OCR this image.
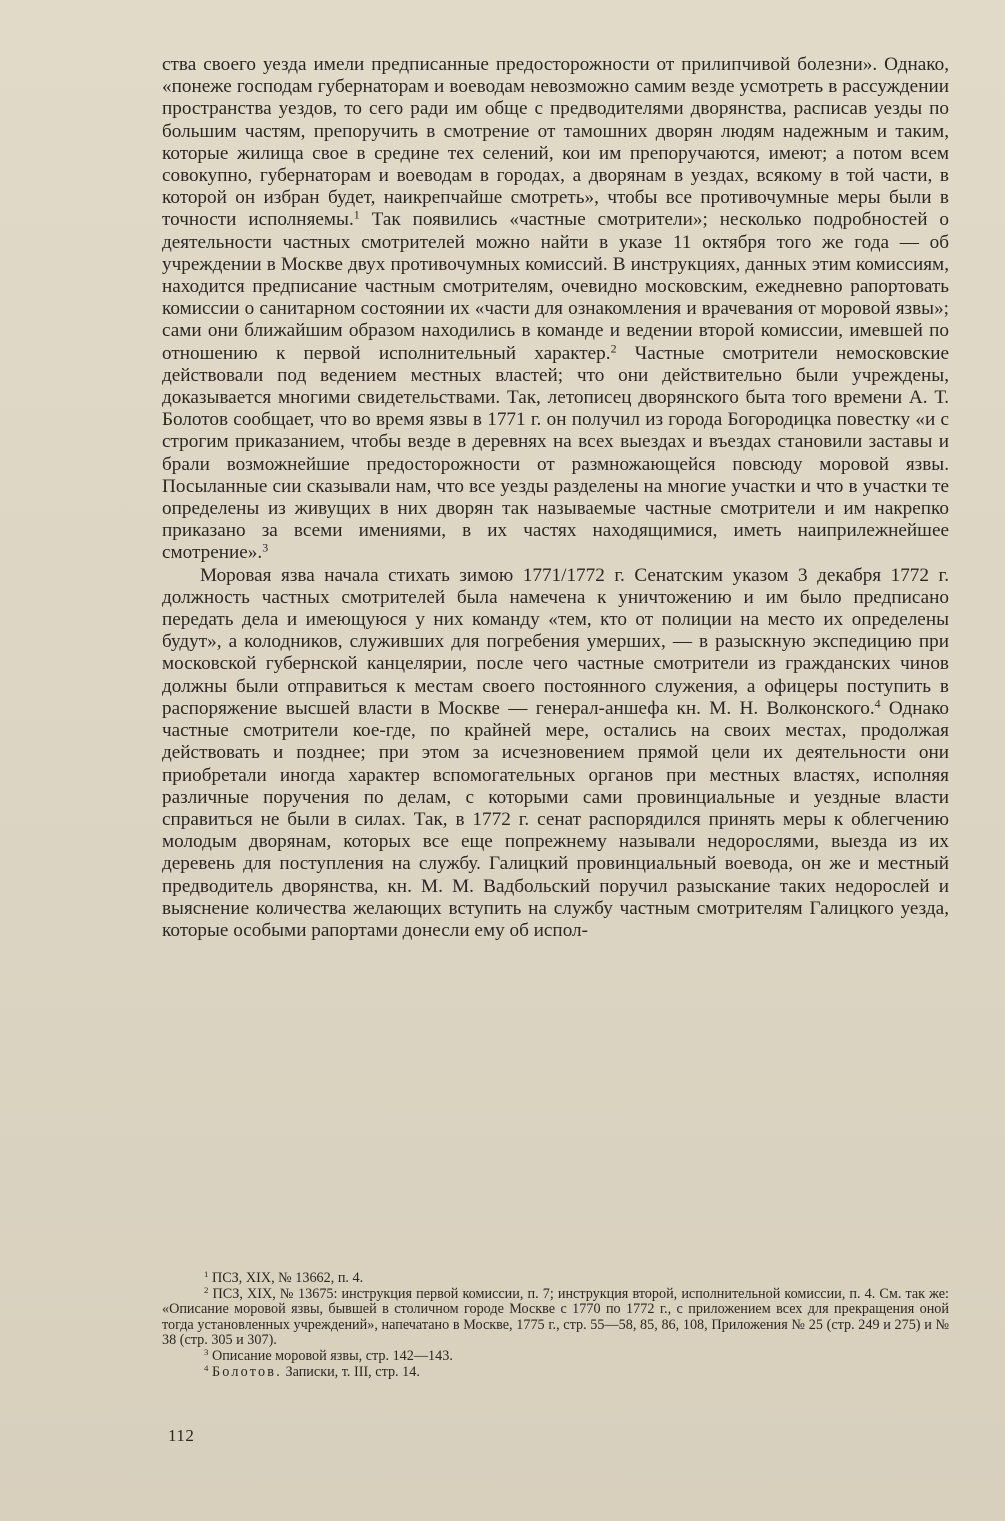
ства своего уезда имели предписанные предосторожности от прилипчивой болезни». Однако, «понеже господам губернаторам и воеводам невозможно самим везде усмотреть в рассуждении пространства уездов, то сего ради им обще с предводителями дворянства, расписав уезды по большим частям, препоручить в смотрение от тамошних дворян людям надежным и таким, которые жилища свое в средине тех селений, кои им препоручаются, имеют; а потом всем совокупно, губернаторам и воеводам в городах, а дворянам в уездах, всякому в той части, в которой он избран будет, наикрепчайше смотреть», чтобы все противочумные меры были в точности исполняемы.$^1$ Так появились «частные смотрители»; несколько подробностей о деятельности частных смотрителей можно найти в указе 11 октября того же года — об учреждении в Москве двух противочумных комиссий. В инструкциях, данных этим комиссиям, находится предписание частным смотрителям, очевидно московским, ежедневно рапортовать комиссии о санитарном состоянии их «части для ознакомления и врачевания от моровой язвы»; сами они ближайшим образом находились в команде и ведении второй комиссии, имевшей по отношению к первой исполнительный характер.$^2$ Частные смотрители немосковские действовали под ведением местных властей; что они действительно были учреждены, доказывается многими свидетельствами. Так, летописец дворянского быта того времени А. Т. Болотов сообщает, что во время язвы в 1771 г. он получил из города Богородицка повестку «и с строгим приказанием, чтобы везде в деревнях на всех выездах и въездах становили заставы и брали возможнейшие предосторожности от размножающейся повсюду моровой язвы. Посыланные сии сказывали нам, что все уезды разделены на многие участки и что в участки те определены из живущих в них дворян так называемые частные смотрители и им накрепко приказано за всеми имениями, в их частях находящимися, иметь наиприлежнейшее смотрение».$^3$

Моровая язва начала стихать зимою 1771/1772 г. Сенатским указом 3 декабря 1772 г. должность частных смотрителей была намечена к уничтожению и им было предписано передать дела и имеющуюся у них команду «тем, кто от полиции на место их определены будут», а колодников, служивших для погребения умерших, — в разыскную экспедицию при московской губернской канцелярии, после чего частные смотрители из гражданских чинов должны были отправиться к местам своего постоянного служения, а офицеры поступить в распоряжение высшей власти в Москве — генерал-аншефа кн. М. Н. Волконского.$^4$ Однако частные смотрители кое-где, по крайней мере, остались на своих местах, продолжая действовать и позднее; при этом за исчезновением прямой цели их деятельности они приобретали иногда характер вспомогательных органов при местных властях, исполняя различные поручения по делам, с которыми сами провинциальные и уездные власти справиться не были в силах. Так, в 1772 г. сенат распорядился принять меры к облегчению молодым дворянам, которых все еще попрежнему называли недорослями, выезда из их деревень для поступления на службу. Галицкий провинциальный воевода, он же и местный предводитель дворянства, кн. М. М. Вадбольский поручил разыскание таких недорослей и выяснение количества желающих вступить на службу частным смотрителям Галицкого уезда, которые особыми рапортами донесли ему об испол-

$^1$ ПСЗ, XIX, № 13662, п. 4.

$^2$ ПСЗ, XIX, № 13675: инструкция первой комиссии, п. 7; инструкция второй, исполнительной комиссии, п. 4. См. так же: «Описание моровой язвы, бывшей в столичном городе Москве с 1770 по 1772 г., с приложением всех для прекращения оной тогда установленных учреждений», напечатано в Москве, 1775 г., стр. 55—58, 85, 86, 108, Приложения № 25 (стр. 249 и 275) и № 38 (стр. 305 и 307).

$^3$ Описание моровой язвы, стр. 142—143.

$^4$ Болотов. Записки, т. III, стр. 14.

112
